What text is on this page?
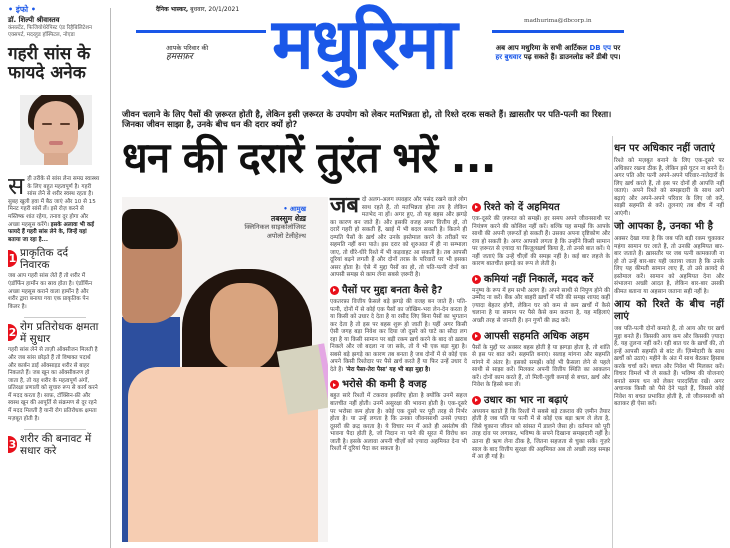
• इंफो •
डॉ. शिल्पी श्रीवास्तव
कंसल्टेंट, फिजियोथेरेपिस्ट एंड रिहैबिलिटेशन एक्सपर्ट, मदरहुड हॉस्पिटल, नोएडा
गहरी सांस के फायदे अनेक

स ही तरीके से सांस लेना समग्र स्वास्थ्य के लिए बहुत महत्वपूर्ण है। गहरी सांस लेने से शरीर स्वस्थ रहता है। सुबह खुली हवा में बैठ जाएं और 10 से 15 मिनट गहरी सांसें लें। इसे रोज़ करने से मस्तिष्क शांत रहेगा, तनाव दूर होगा और अच्छा महसूस करेंगे। इसके अलावा भी कई फायदे हैं गहरी सांस लेने के, जिन्हें यहां बताया जा रहा है...

1 प्राकृतिक दर्द निवारक

जब आप गहरी सांस लेते हैं तो शरीर में एंडॉर्फिन हार्मोन का स्राव होता है। एंडॉर्फिन अच्छा महसूस कराने वाला हार्मोन है और शरीर द्वारा बनाया गया एक प्राकृतिक पेन किलर है।

2 रोग प्रतिरोधक क्षमता में सुधार

गहरी सांस लेने से ताज़ी ऑक्सीजन मिलती है और जब सांस छोड़ते हैं तो विषाक्त पदार्थ और कार्बन डाई ऑक्साइड शरीर से बाहर निकलते हैं। जब खून का ऑक्सीकरण हो जाता है, तो यह शरीर के महत्वपूर्ण अंगों, प्रतिरक्षा प्रणाली को सुचारु रूप से कार्य करने में मदद करता है। साफ़, टॉक्सिन-फ्री और स्वस्थ खून की आपूर्ति से संक्रमण से दूर रहने में मदद मिलती है यानी रोग प्रतिरोधक क्षमता मज़बूत होती है।

3 शरीर की बनावट में सधार करे
दैनिक भास्कर, बुधवार, 20/1/2021
आपके परिवार की
हमसफ़र मधुरिमा	madhurima@dbcorp.in
अब आप मधुरिमा के सभी आर्टिकल DB एप पर हर बुधवार पढ़ सकते हैं। डाउनलोड करें डीबी एप।

जीवन चलाने के लिए पैसों की ज़रूरत होती है, लेकिन इसी ज़रूरत के उपयोग को लेकर मतभिन्नता हो, तो रिश्ते दरक सकते हैं। ख़ासतौर पर पति-पत्नी का रिश्ता। जिनका जीवन साझा है, उनके बीच धन की दरार क्यों हो?

धन की दरारें तुरंत भरें ...
• आमुख
तबस्सुम शेख़
क्लिनिकल साइकोलॉजिस्ट
अपोलो टेलीहेल्थ

जब दो अलग-अलग व्यवहार और पसंद रखने वाले लोग साथ रहते हैं, तो मतभिन्नता होना तय है लेकिन मतभेद ना हों। अगर हुए, तो यह बहस और झगड़े का कारण बन जाते हैं। और इसकी वजह अगर वित्तीय हो, तो दरारें गहरी हो सकती हैं, खाई में भी बदल सकती है। कितने ही दम्पति पैसों के ख़र्च और उनके इस्तेमाल करने के तरीक़ों पर सहमति नहीं बना पाते। इस दरार को शुरुआत में ही ना सम्भाला जाए, तो धीरे-धीरे रिश्ते में भी कड़वाहट आ सकती है। तब आपसी दूरियां बढ़ने लगती हैं और दोनों तरफ़ के परिवारों पर भी इसका असर होता है। ऐसे में मुद्दा पैसों का हो, तो पति-पत्नी दोनों का आपसी समझ से काम लेना सबसे ज़रूरी है।

पैसों पर मुद्दा बनता कैसे है?

एकतरफ़ा वित्तीय फ़ैसले बड़े झगड़े की वजह बन जाते हैं। पति-पत्नी, दोनों में से कोई एक पैसों का जोखिम-भरा लेन-देन करता है या किसी को उधार दे देता है या रसीद लिए बिना पैसों का भुगतान कर देता है तो इस पर बहस शुरू हो जाती है। यहीं अगर किसी ऐसी जगह बड़ा निवेश कर दिया जो दूसरे को घाटे का सौदा लग रहा है या किसी सामान पर बड़ी रकम ख़र्च करने के बाद वो ख़राब निकले और जो बदला ना जा सके, तो ये भी एक बड़ा मुद्दा है। सबसे बड़े झगड़े का कारण तब बनता है जब दोनों में से कोई एक अपने किसी रिश्तेदार पर पैसे ख़र्च करते हैं या फिर उन्हें उधार दे देते हैं। 'मेरा पैसा-तेरा पैसा' यह भी बड़ा मुद्दा है।

भरोसे की कमी है वजह

बहुत सारे रिश्तों में टकराव इसलिए होता है क्योंकि उनमें सहज बातचीत नहीं होती। उनमें असुरक्षा की भावना होती है। एक-दूसरे पर भरोसा कम होता है। कोई एक दूसरे पर पूरी तरह से निर्भर होता है। या उन्हें लगता है कि उनका जीवनसाथी उनसे ज़्यादा दूसरों की क़द्र करता है। ये विचार मन में आते ही असंतोष की भावना पैदा होती है, जो निदान ना पाने की सूरत में विरोध बन जाती है। इसके अलावा अपनी चीज़ों को ज़्यादा अहमियत देना भी रिश्तों में दूरियां पैदा कर सकता है।

रिश्ते को दें अहमियत

एक-दूसरे की ज़रूरत को समझें। हर समय अपने जीवनसाथी पर नियंत्रण करने की कोशिश नहीं करें। बल्कि यह समझें कि आपके साथी की अपनी ज़रूरतें हो सकती हैं। उसका अपना दृष्टिकोण और राय हो सकती है। अगर आपको लगता है कि उन्होंने किसी सामान पर ज़रूरत से ज़्यादा या फ़िज़ूलख़र्च किया है, तो उनसे बात करें। ये नहीं जताएं कि उन्हें चीज़ों की समझ नहीं है। कई बार लहजे के कारण बातचीत झगड़े का रूप ले लेती है।

कमियां नहीं निकालें, मदद करें

मनुष्य के रूप में हम सभी अलग हैं। अपने साथी से निपुण होने की उम्मीद ना करें। बैंक और बाहरी ख़र्चों में पति की समझ शायद कहीं ज़्यादा बेहतर होगी, लेकिन घर को कम से कम ख़र्चों में कैसे चलाना है या सामान पर पैसे कैसे कम कराना है, यह महिलाएं अच्छी तरह से जानती हैं। इन गुणों की क़द्र करें।

आपसी सहमति अधिक अहम

पैसों के मुद्दों पर अक्सर बहस होती है या झगड़ा होता है, तो शांति से इस पर बात करें। सहमति बनाएं। सलाह मांगना और सहमति मांगने में अंतर है। इसको समझें। कोई भी फ़ैसला लेने से पहले साथी से साझा करें। मिलकर अपनी वित्तीय स्थिति का आकलन करें। दोनों काम करते हैं, तो मिली-जुली कमाई से बचत, ख़र्च और निवेश के हिस्से बना लें।

उधार का भार ना बढ़ाएं

अध्ययन बताते हैं कि रिश्तों में सबसे बड़े टकराव की ज़मीन तैयार होती है जब पति या पत्नी में से कोई एक बड़ा ऋण ले लेता है, जिसे चुकाना जीवन को सांसत में डालने जैसा हो। वर्तमान को पूरी तरह दांव पर लगाकर, भविष्य के सपने दिखाना समझदारी नहीं है। उतना ही ऋण लेना ठीक है, जितना सहजता से चुका सकें। गुज़रे साल के बाद वित्तीय सुरक्षा की अहमियत अब तो अच्छी तरह समझ में आ ही गई है।

धन पर अधिकार नहीं जताएं

रिश्ते को मज़बूत बनाने के लिए एक-दूसरे पर अधिकार रखना ठीक है, लेकिन इसे घुटन ना बनने दें। अगर पति और पत्नी अपने-अपने परिवार-नातेदारों के लिए ख़र्च करते हैं, तो इस पर दोनों ही आपत्ति नहीं जताएं। अपने रिश्ते को समझदारी के साथ आगे बढ़ाएं और अपने-अपने परिवार के लिए जो करें, साझी सहमति से करें। तुलनाएं तब बीच में नहीं आएंगी।

जो आपका है, उनका भी है

अक्सर देखा गया है कि जब पति बड़ी रकम चुकाकर महंगा सामान घर लाते हैं, तो उनकी अहमियत बार-बार जताते हैं। ख़ासतौर पर जब पत्नी कामकाजी ना हो तो उन्हें बार-बार यही जताया जाता है कि उनके लिए यह कीमती सामान लाए हैं, तो उसे क़ायदे से इस्तेमाल करें। सामान को अहमियत देना और संभालना अच्छी आदत है, लेकिन बार-बार उसकी कीमत बताना या अहसान जताना सही नहीं है।

आय को रिश्ते के बीच नहीं लाएं

जब पति-पत्नी दोनों कमाते हैं, तो आय और घर ख़र्च मुद्दा बनते हैं। किसकी आय कम और किसकी ज़्यादा है, यह तुलना नहीं करें। रही बात घर के ख़र्चों की, तो इन्हें आपसी सहमति से बांट लें। ज़िम्मेदारी के साथ ख़र्चों को उठाएं। महीने के अंत में साथ बैठकर हिसाब करके चर्चा करें। बचत और निवेश भी मिलकर करें। विचार विमर्श भी ले सकते हैं। भविष्य की योजनाएं बनाते समय धन को लेकर पारदर्शिता रखें। अगर अचानक किसी को पैसे देने पड़ते हैं, जिससे कोई निवेश या बचत प्रभावित होती है, तो जीवनसाथी को बताकर ही ऐसा करें।
